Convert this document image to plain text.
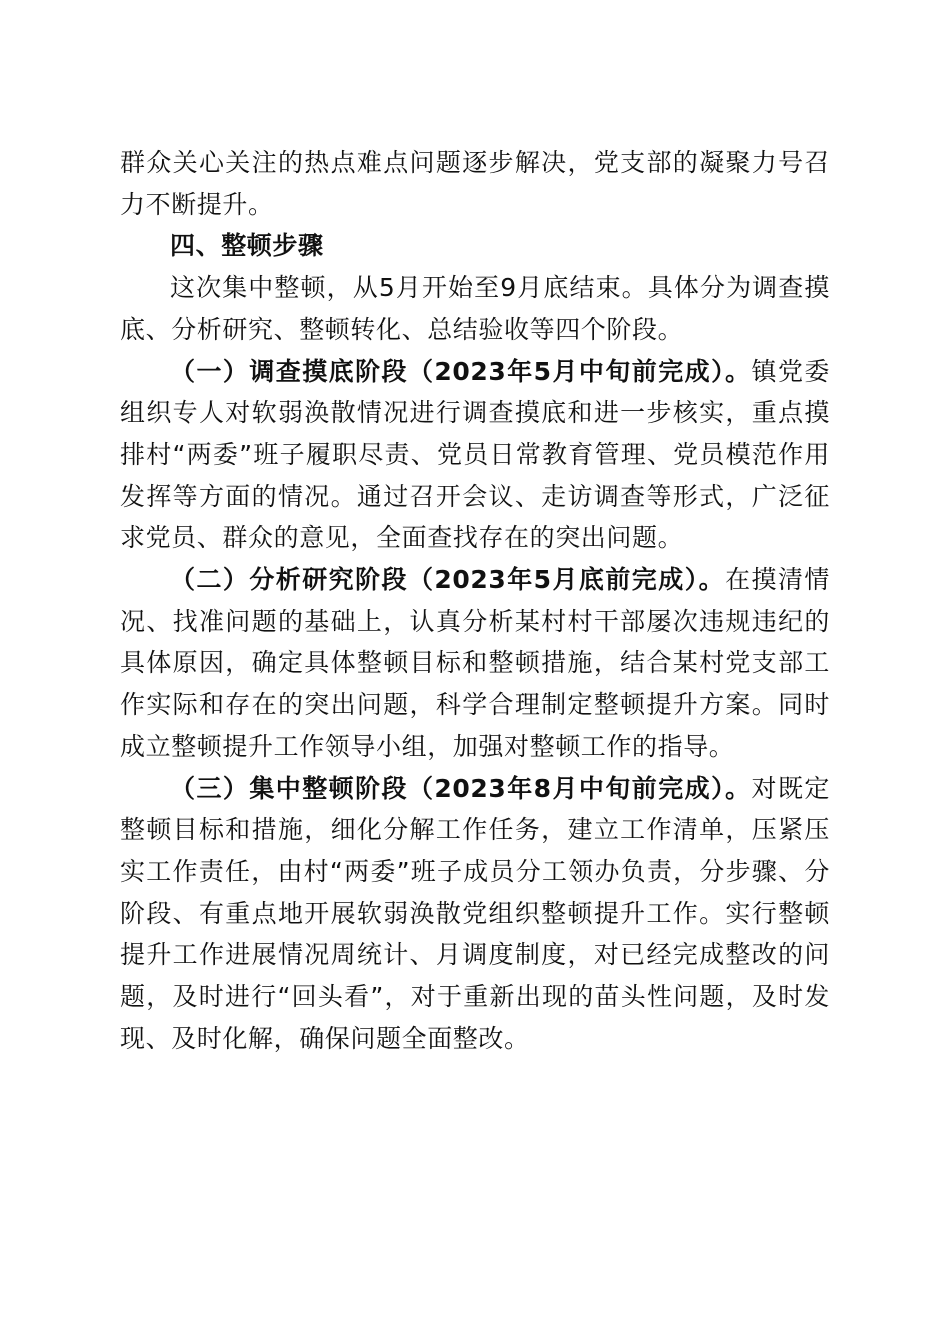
群众关心关注的热点难点问题逐步解决，党支部的凝聚力号召力不断提升。

四、整顿步骤

这次集中整顿，从5月开始至9月底结束。具体分为调查摸底、分析研究、整顿转化、总结验收等四个阶段。

（一）调查摸底阶段（2023年5月中旬前完成）。镇党委组织专人对软弱涣散情况进行调查摸底和进一步核实，重点摸排村“两委”班子履职尽责、党员日常教育管理、党员模范作用发挥等方面的情况。通过召开会议、走访调查等形式，广泛征求党员、群众的意见，全面查找存在的突出问题。

（二）分析研究阶段（2023年5月底前完成）。在摸清情况、找准问题的基础上，认真分析某村村干部屡次违规违纪的具体原因，确定具体整顿目标和整顿措施，结合某村党支部工作实际和存在的突出问题，科学合理制定整顿提升方案。同时成立整顿提升工作领导小组，加强对整顿工作的指导。

（三）集中整顿阶段（2023年8月中旬前完成）。对既定整顿目标和措施，细化分解工作任务，建立工作清单，压紧压实工作责任，由村“两委”班子成员分工领办负责，分步骤、分阶段、有重点地开展软弱涣散党组织整顿提升工作。实行整顿提升工作进展情况周统计、月调度制度，对已经完成整改的问题，及时进行“回头看”，对于重新出现的苗头性问题，及时发现、及时化解，确保问题全面整改。
